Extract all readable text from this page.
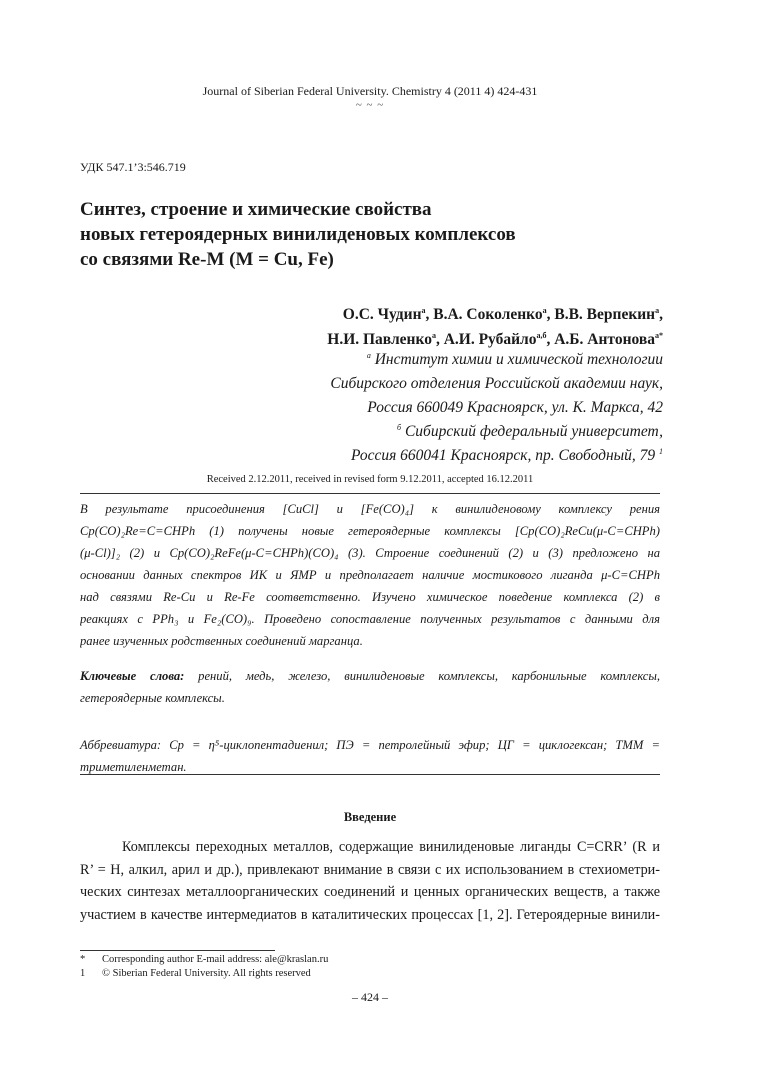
Journal of Siberian Federal University. Chemistry 4 (2011 4) 424-431
~ ~ ~
УДК 547.1’3:546.719
Синтез, строение и химические свойства
новых гетероядерных винилиденовых комплексов
со связями Re-M (M = Cu, Fe)
О.С. Чудин$^а$, В.А. Соколенко$^а$, В.В. Верпекин$^а$,
Н.И. Павленко$^а$, А.И. Рубайло$^{а,б}$, А.Б. Антонова$^{а*}$
$^а$ Институт химии и химической технологии
Сибирского отделения Российской академии наук,
Россия 660049 Красноярск, ул. К. Маркса, 42
$^б$ Сибирский федеральный университет,
Россия 660041 Красноярск, пр. Свободный, 79 $^1$
Received 2.12.2011, received in revised form 9.12.2011, accepted 16.12.2011
В результате присоединения [CuCl] и [Fe(CO)₄] к винилиденовому комплексу рения
Cp(CO)₂Re=C=CHPh (1) получены новые гетероядерные комплексы [Cp(CO)₂ReCu(μ-C=CHPh)
(μ-Cl)]₂ (2) и Cp(CO)₂ReFe(μ-C=CHPh)(CO)₄ (3). Строение соединений (2) и (3) предложено на
основании данных спектров ИК и ЯМР и предполагает наличие мостикового лиганда μ-C=CHPh
над связями Re-Cu и Re-Fe соответственно. Изучено химическое поведение комплекса (2) в
реакциях с PPh₃ и Fe₂(CO)₉. Проведено сопоставление полученных результатов с данными для
ранее изученных родственных соединений марганца.
Ключевые слова: рений, медь, железо, винилиденовые комплексы, карбонильные комплексы,
гетероядерные комплексы.
Аббревиатура: Cp = η⁵-циклопентадиенил; ПЭ = петролейный эфир; ЦГ = циклогексан; ТММ =
триметиленметан.
Введение
Комплексы переходных металлов, содержащие винилиденовые лиганды C=CRR’ (R и
R’ = H, алкил, арил и др.), привлекают внимание в связи с их использованием в стехиометри-
ческих синтезах металлоорганических соединений и ценных органических веществ, а также
участием в качестве интермедиатов в каталитических процессах [1, 2]. Гетероядерные винили-
*	Corresponding author E-mail address: ale@kraslan.ru
1	© Siberian Federal University. All rights reserved
– 424 –
